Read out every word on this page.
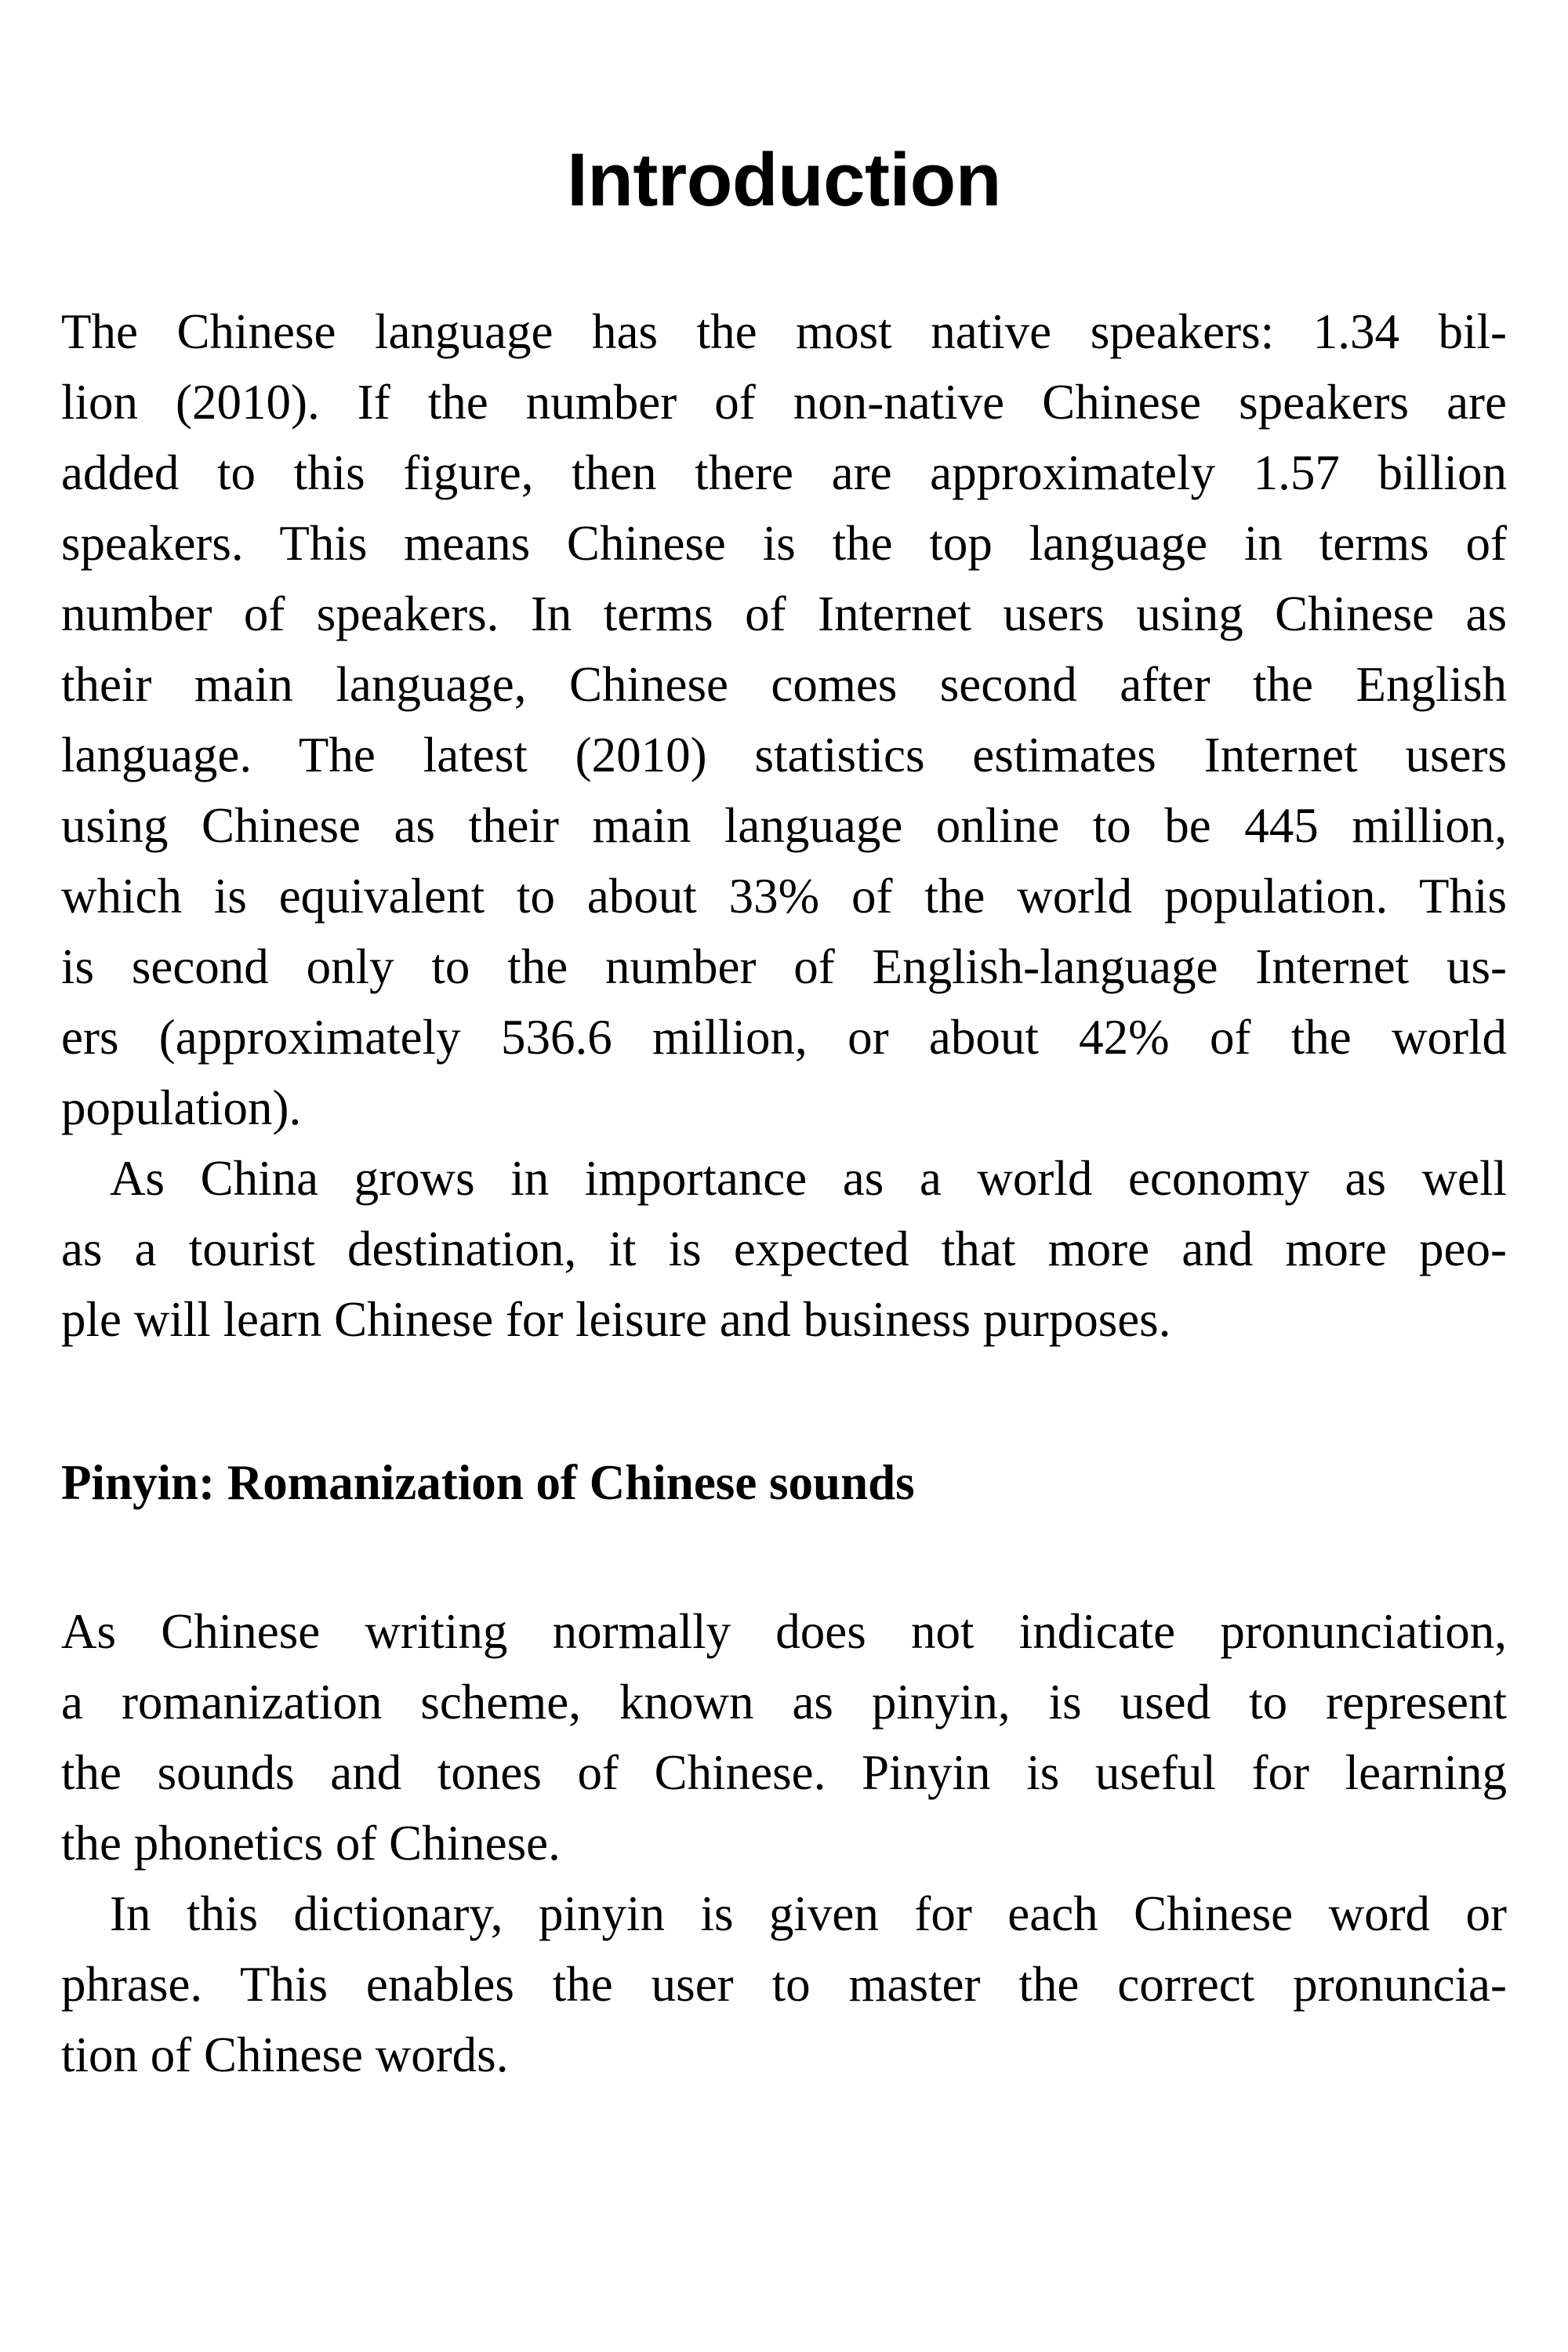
Introduction

The Chinese language has the most native speakers: 1.34 bil-
lion (2010). If the number of non-native Chinese speakers are
added to this figure, then there are approximately 1.57 billion
speakers. This means Chinese is the top language in terms of
number of speakers. In terms of Internet users using Chinese as
their main language, Chinese comes second after the English
language. The latest (2010) statistics estimates Internet users
using Chinese as their main language online to be 445 million,
which is equivalent to about 33% of the world population. This
is second only to the number of English-language Internet us-
ers (approximately 536.6 million, or about 42% of the world
population).

As China grows in importance as a world economy as well
as a tourist destination, it is expected that more and more peo-
ple will learn Chinese for leisure and business purposes.

Pinyin: Romanization of Chinese sounds

As Chinese writing normally does not indicate pronunciation,
a romanization scheme, known as pinyin, is used to represent
the sounds and tones of Chinese. Pinyin is useful for learning
the phonetics of Chinese.

In this dictionary, pinyin is given for each Chinese word or
phrase. This enables the user to master the correct pronuncia-
tion of Chinese words.
